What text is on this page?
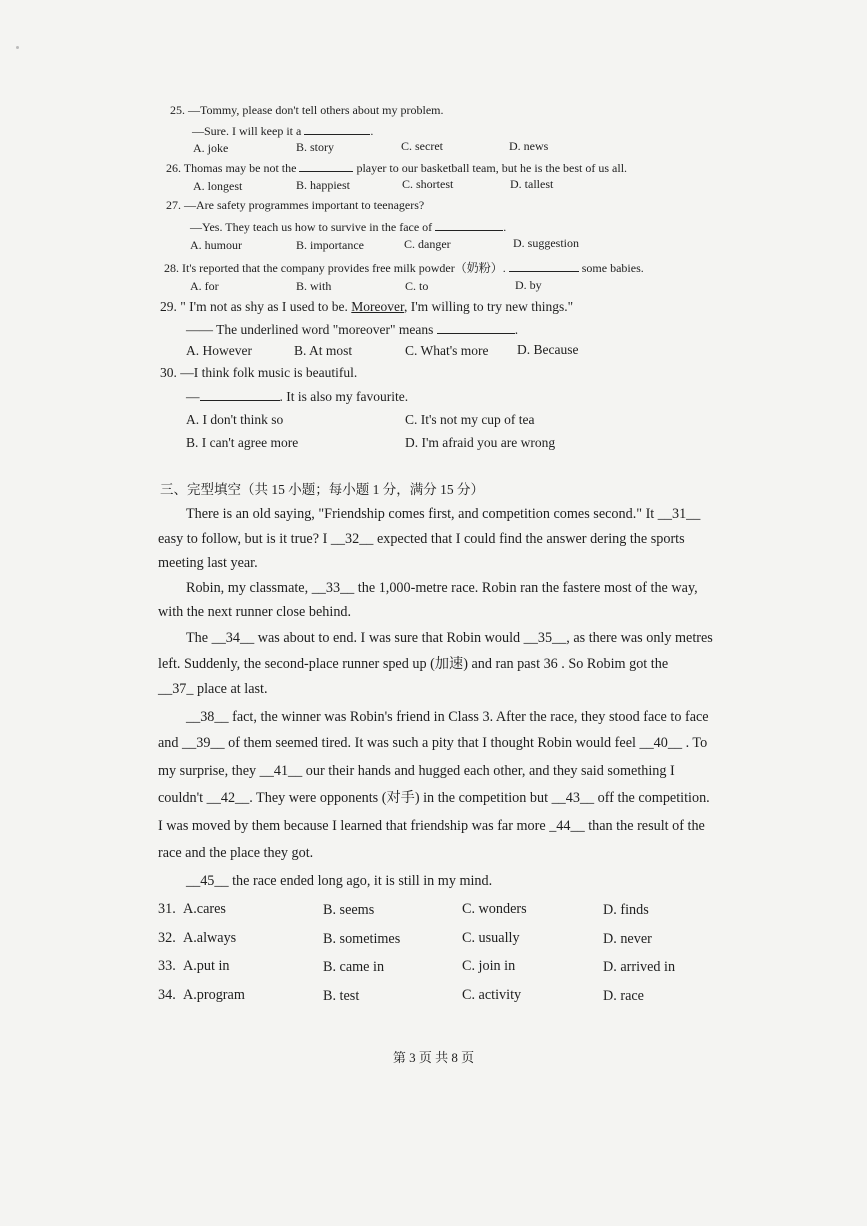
25. —Tommy, please don't tell others about my problem.
—Sure. I will keep it a	.
A. joke	B. story	C. secret	D. news
26. Thomas may be not the	player to our basketball team, but he is the best of us all.
A. longest	B. happiest	C. shortest	D. tallest
27. —Are safety programmes important to teenagers?
—Yes. They teach us how to survive in the face of	.
A. humour	B. importance	C. danger	D. suggestion
28. It's reported that the company provides free milk powder（奶粉）.	some babies.
A. for	B. with	C. to	D. by
29. " I'm not as shy as I used to be. Moreover, I'm willing to try new things."
—— The underlined word "moreover" means	.
A. However	B. At most	C. What's more D. Because
30. —I think folk music is beautiful.
—	. It is also my favourite.
A. I don't think so	C. It's not my cup of tea
B. I can't agree more	D. I'm afraid you are wrong
三、完型填空（共 15 小题；每小题 1 分，满分 15 分）
There is an old saying, "Friendship comes first, and competition comes second." It __31__
easy to follow, but is it true? I __32__ expected that I could find the answer dering the sports
meeting last year.
Robin, my classmate, __33__ the 1,000-metre race. Robin ran the fastere most of the way,
with the next runner close behind.
The __34__ was about to end. I was sure that Robin would __35__, as there was only metres
left. Suddenly, the second-place runner sped up (加速) and ran past 36 . So Robim got the
__37_ place at last.
__38__ fact, the winner was Robin's friend in Class 3. After the race, they stood face to face
and __39__ of them seemed tired. It was such a pity that I thought Robin would feel __40__ . To
my surprise, they __41__ our their hands and hugged each other, and they said something I
couldn't __42__. They were opponents (对手) in the competition but __43__ off the competition.
I was moved by them because I learned that friendship was far more _44__ than the result of the
race and the place they got.
__45__ the race ended long ago, it is still in my mind.
31. A.cares	B. seems	C. wonders	D. finds
32. A.always	B. sometimes	C. usually	D. never
33. A.put in	B. came in	C. join in	D. arrived in
34. A.program	B. test	C. activity	D. race
第 3 页 共 8 页
